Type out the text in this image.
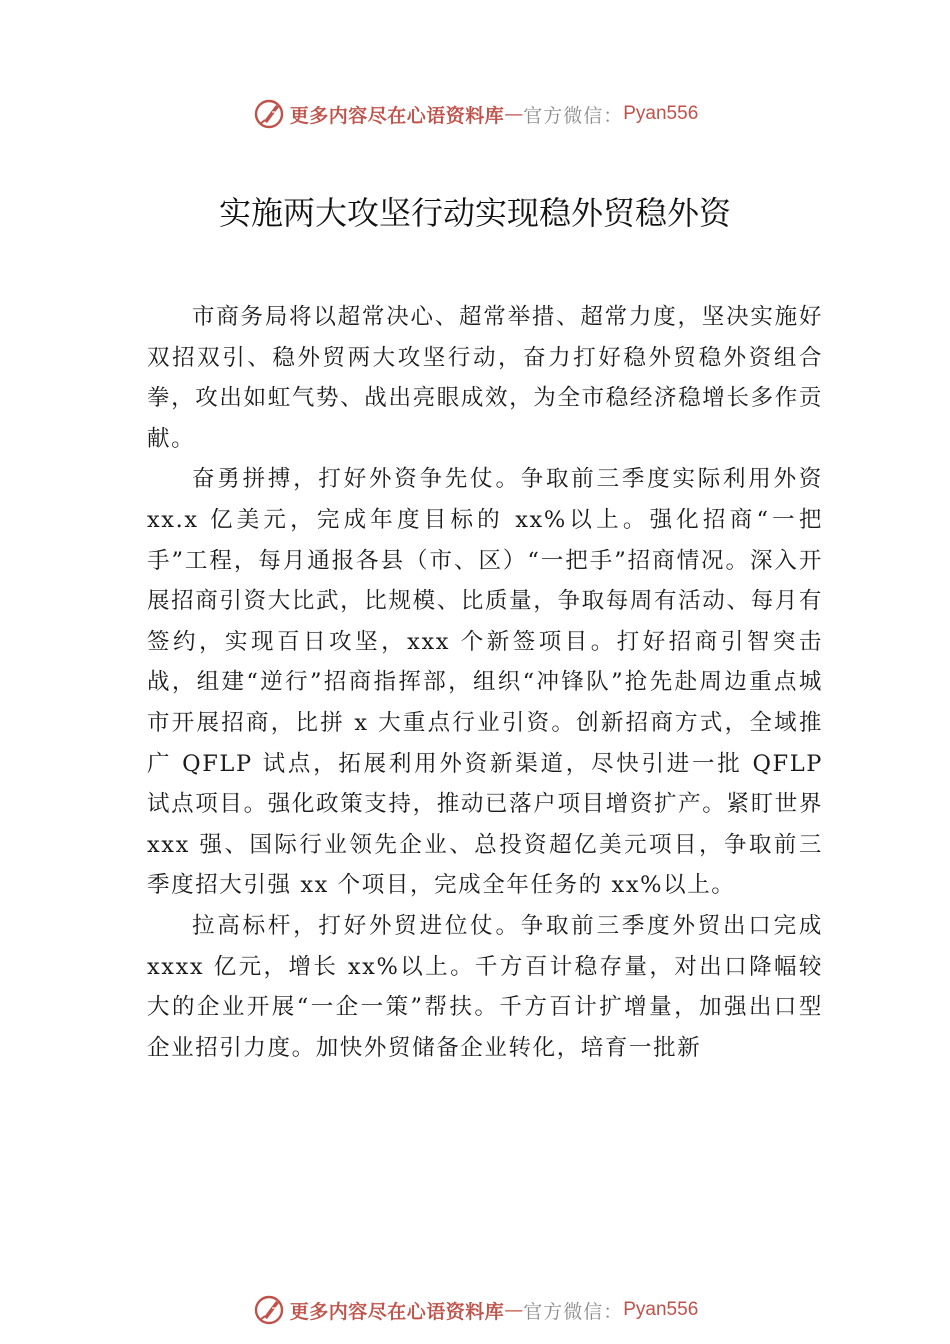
更多内容尽在心语资料库 — 官方微信： Pyan556
实施两大攻坚行动实现稳外贸稳外资

市商务局将以超常决心、超常举措、超常力度，坚决实施好双招双引、稳外贸两大攻坚行动，奋力打好稳外贸稳外资组合拳，攻出如虹气势、战出亮眼成效，为全市稳经济稳增长多作贡献。

奋勇拼搏，打好外资争先仗。争取前三季度实际利用外资 xx.x 亿美元，完成年度目标的 xx%以上。强化招商“一把手”工程，每月通报各县（市、区）“一把手”招商情况。深入开展招商引资大比武，比规模、比质量，争取每周有活动、每月有签约，实现百日攻坚，xxx 个新签项目。打好招商引智突击战，组建“逆行”招商指挥部，组织“冲锋队”抢先赴周边重点城市开展招商，比拼 x 大重点行业引资。创新招商方式，全域推广 QFLP 试点，拓展利用外资新渠道，尽快引进一批 QFLP 试点项目。强化政策支持，推动已落户项目增资扩产。紧盯世界 xxx 强、国际行业领先企业、总投资超亿美元项目，争取前三季度招大引强 xx 个项目，完成全年任务的 xx%以上。

拉高标杆，打好外贸进位仗。争取前三季度外贸出口完成 xxxx 亿元，增长 xx%以上。千方百计稳存量，对出口降幅较大的企业开展“一企一策”帮扶。千方百计扩增量，加强出口型企业招引力度。加快外贸储备企业转化，培育一批新

更多内容尽在心语资料库 — 官方微信： Pyan556
